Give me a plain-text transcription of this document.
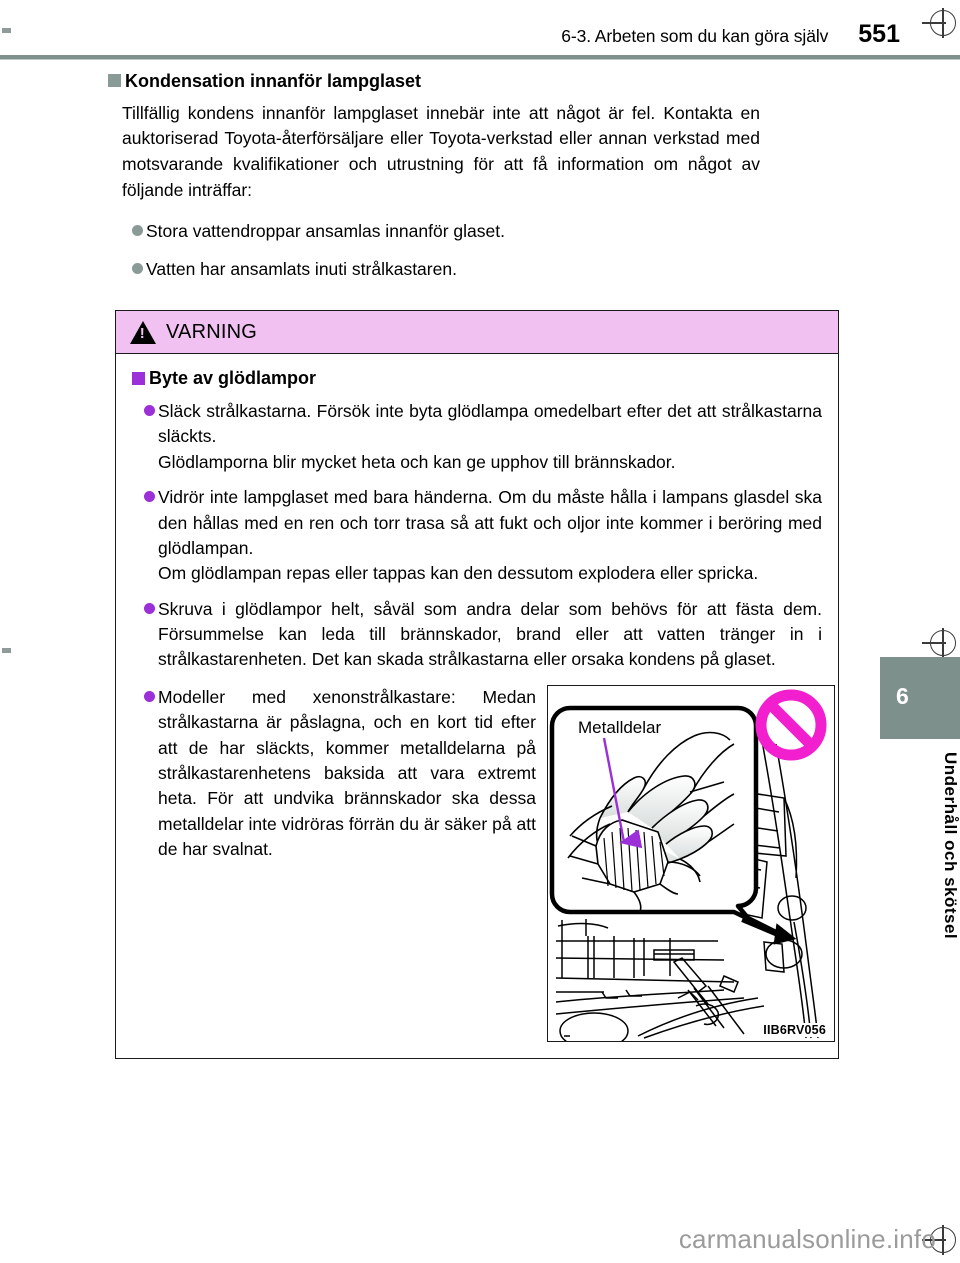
6-3. Arbeten som du kan göra själv 551
Kondensation innanför lampglaset
Tillfällig kondens innanför lampglaset innebär inte att något är fel. Kontakta en auktoriserad Toyota-återförsäljare eller Toyota-verkstad eller annan verkstad med motsvarande kvalifikationer och utrustning för att få information om något av följande inträffar:
Stora vattendroppar ansamlas innanför glaset.
Vatten har ansamlats inuti strålkastaren.
!
VARNING
Byte av glödlampor

Släck strålkastarna. Försök inte byta glödlampa omedelbart efter det att strålkastarna släckts.

Glödlamporna blir mycket heta och kan ge upphov till brännskador.

Vidrör inte lampglaset med bara händerna. Om du måste hålla i lampans glasdel ska den hållas med en ren och torr trasa så att fukt och oljor inte kommer i beröring med glödlampan.

Om glödlampan repas eller tappas kan den dessutom explodera eller spricka.

Skruva i glödlampor helt, såväl som andra delar som behövs för att fästa dem. Försummelse kan leda till brännskador, brand eller att vatten tränger in i strålkastarenheten. Det kan skada strålkastarna eller orsaka kondens på glaset.

Modeller med xenonstrålkastare: Medan strålkastarna är påslagna, och en kort tid efter att de har släckts, kommer metalldelarna på strålkastarenhetens baksida att vara extremt heta. För att undvika brännskador ska dessa metalldelar inte vidröras förrän du är säker på att de har svalnat.

Metalldelar
IIB6RV056
6
Underhåll och skötsel
carmanualsonline.info
